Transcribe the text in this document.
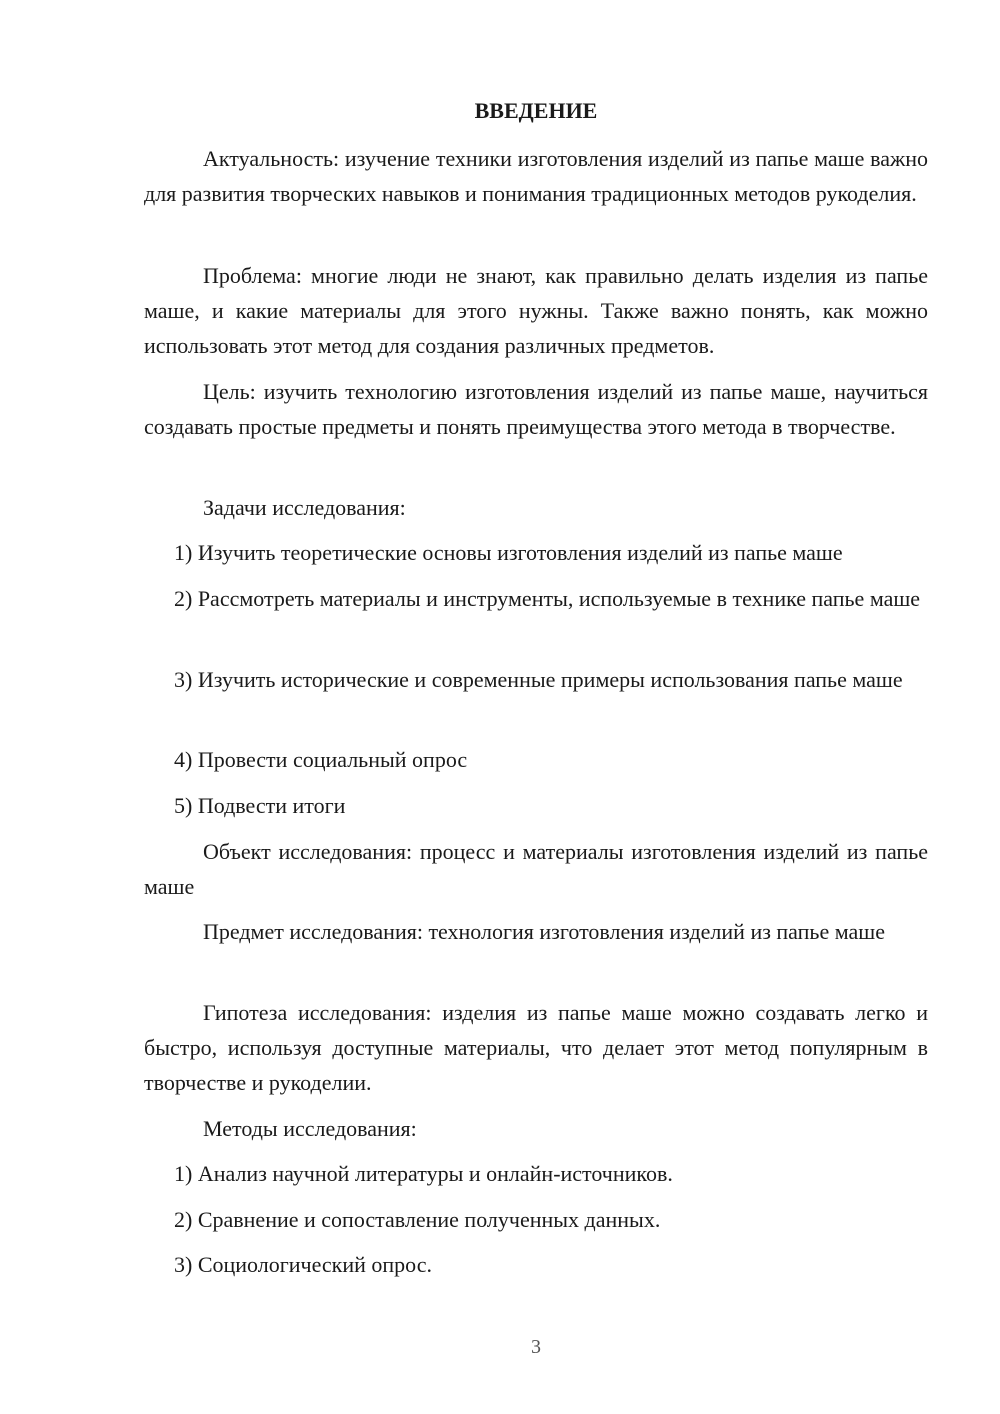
ВВЕДЕНИЕ

Актуальность: изучение техники изготовления изделий из папье маше важно для развития творческих навыков и понимания традиционных методов рукоделия.

Проблема: многие люди не знают, как правильно делать изделия из папье маше, и какие материалы для этого нужны. Также важно понять, как можно использовать этот метод для создания различных предметов.

Цель: изучить технологию изготовления изделий из папье маше, научиться создавать простые предметы и понять преимущества этого метода в творчестве.

Задачи исследования:

1) Изучить теоретические основы изготовления изделий из папье маше

2) Рассмотреть материалы и инструменты, используемые в технике папье маше

3) Изучить исторические и современные примеры использования папье маше

4) Провести социальный опрос

5) Подвести итоги

Объект исследования: процесс и материалы изготовления изделий из папье маше

Предмет исследования: технология изготовления изделий из папье маше

Гипотеза исследования: изделия из папье маше можно создавать легко и быстро, используя доступные материалы, что делает этот метод популярным в творчестве и рукоделии.

Методы исследования:

1) Анализ научной литературы и онлайн-источников.

2) Сравнение и сопоставление полученных данных.

3) Социологический опрос.

3
